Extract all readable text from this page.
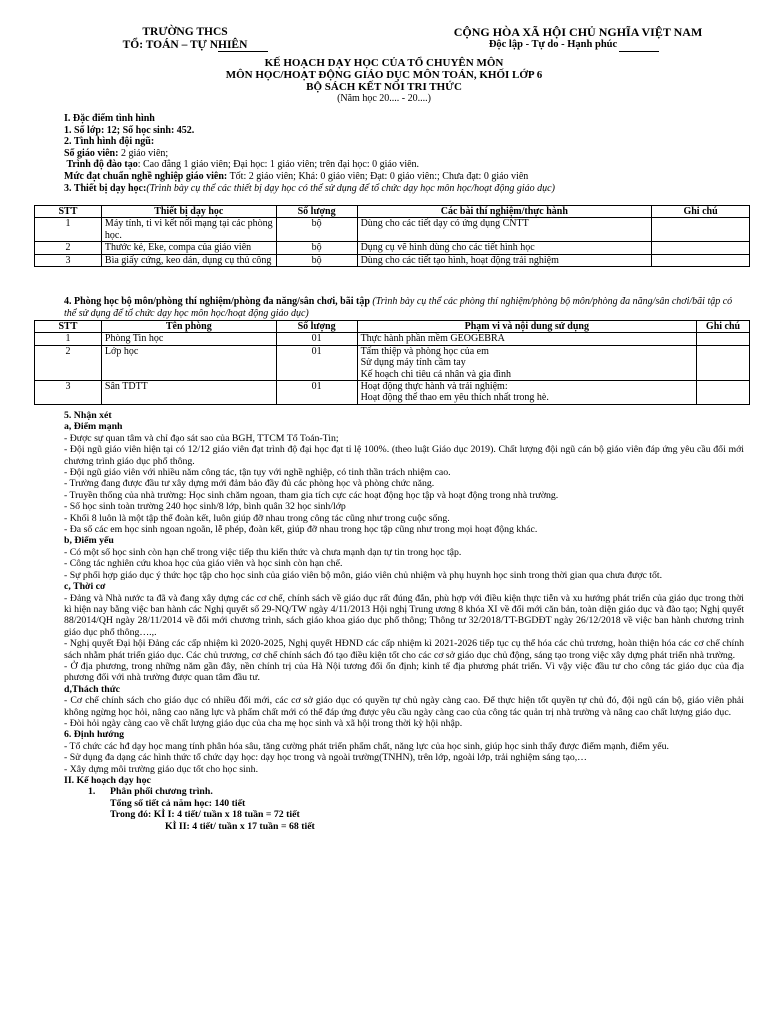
TRƯỜNG THCS
TỔ: TOÁN – TỰ NHIÊN
CỘNG HÒA XÃ HỘI CHỦ NGHĨA VIỆT NAM
Độc lập - Tự do - Hạnh phúc
KẾ HOẠCH DẠY HỌC CỦA TỔ CHUYÊN MÔN
MÔN HỌC/HOẠT ĐỘNG GIÁO DỤC MÔN TOÁN, KHỐI LỚP 6
BỘ SÁCH KẾT NỐI TRI THỨC
(Năm học 20.... - 20....)

I. Đặc điểm tình hình

1. Số lớp: 12; Số học sinh: 452.

2. Tình hình đội ngũ:

Số giáo viên: 2 giáo viên;

Trình độ đào tạo: Cao đẳng 1 giáo viên; Đại học: 1 giáo viên; trên đại học: 0 giáo viên.

Mức đạt chuẩn nghề nghiệp giáo viên: Tốt: 2 giáo viên; Khá: 0 giáo viên; Đạt: 0 giáo viên:; Chưa đạt: 0 giáo viên

3. Thiết bị dạy học:(Trình bày cụ thể các thiết bị dạy học có thể sử dụng để tổ chức dạy học môn học/hoạt động giáo dục)

STT	Thiết bị dạy học	Số lượng	Các bài thí nghiệm/thực hành	Ghi chú
1	Máy tính, ti vi kết nối mạng tại các phòng học.	bộ	Dùng cho các tiết dạy có ứng dụng CNTT	
2	Thước kẻ, Eke, compa của giáo viên	bộ	Dụng cụ vẽ hình dùng cho các tiết hình học	
3	Bìa giấy cứng, keo dán, dụng cụ thủ công	bộ	Dùng cho các tiết tạo hình, hoạt động trải nghiệm	

4. Phòng học bộ môn/phòng thí nghiệm/phòng đa năng/sân chơi, bãi tập (Trình bày cụ thể các phòng thí nghiệm/phòng bộ môn/phòng đa năng/sân chơi/bãi tập có thể sử dụng để tổ chức dạy học môn học/hoạt động giáo dục)

STT	Tên phòng	Số lượng	Phạm vi và nội dung sử dụng	Ghi chú
1	Phòng Tin học	01	Thực hành phần mềm GEOGEBRA	
2	Lớp học	01	Tấm thiệp và phòng học của em
Sử dụng máy tính cầm tay
Kế hoạch chi tiêu cá nhân và gia đình	
3	Sân TDTT	01	Hoạt động thực hành và trải nghiệm:
Hoạt động thể thao em yêu thích nhất trong hè.	

5. Nhận xét

a, Điểm mạnh

- Được sự quan tâm và chỉ đạo sát sao của BGH, TTCM Tổ Toán-Tin;

- Đội ngũ giáo viên hiện tại có 12/12 giáo viên đạt trình độ đại học đạt tỉ lệ 100%. (theo luật Giáo dục 2019). Chất lượng đội ngũ cán bộ giáo viên đáp ứng yêu cầu đổi mới chương trình giáo dục phổ thông.

- Đội ngũ giáo viên với nhiều năm công tác, tận tụy với nghề nghiệp, có tinh thần trách nhiệm cao.

- Trường đang được đầu tư xây dựng mới đảm bảo đầy đủ các phòng học và phòng chức năng.

- Truyền thống của nhà trường: Học sinh chăm ngoan, tham gia tích cực các hoạt động học tập và hoạt động trong nhà trường.

- Số học sinh toàn trường 240 học sinh/8 lớp, bình quân 32 học sinh/lớp

- Khối 8 luôn là một tập thể đoàn kết, luôn giúp đỡ nhau trong công tác cũng như trong cuộc sống.

- Đa số các em học sinh ngoan ngoãn, lễ phép, đoàn kết, giúp đỡ nhau trong học tập cũng như trong mọi hoạt động khác.

b, Điểm yếu

- Có một số học sinh còn hạn chế trong việc tiếp thu kiến thức và chưa mạnh dạn tự tin trong học tập.

- Công tác nghiên cứu khoa học của giáo viên và học sinh còn hạn chế.

- Sự phối hợp giáo dục ý thức học tập cho học sinh của giáo viên bộ môn, giáo viên chủ nhiệm và phụ huynh học sinh trong thời gian qua chưa được tốt.

c, Thời cơ

- Đảng và Nhà nước ta đã và đang xây dựng các cơ chế, chính sách về giáo dục rất đúng đắn, phù hợp với điều kiện thực tiễn và xu hướng phát triển của giáo dục trong thời kì hiện nay bằng việc ban hành các Nghị quyết số 29-NQ/TW ngày 4/11/2013 Hội nghị Trung ương 8 khóa XI về đổi mới căn bản, toàn diện giáo dục và đào tạo; Nghị quyết 88/2014/QH ngày 28/11/2014 về đổi mới chương trình, sách giáo khoa giáo dục phổ thông; Thông tư 32/2018/TT-BGDĐT ngày 26/12/2018 về việc ban hành chương trình giáo dục phổ thông….,.

- Nghị quyết Đại hội Đảng các cấp nhiệm kì 2020-2025, Nghị quyết HĐND các cấp nhiệm kì 2021-2026 tiếp tục cụ thể hóa các chủ trương, hoàn thiện hóa các cơ chế chính sách nhằm phát triển giáo dục. Các chủ trương, cơ chế chính sách đó tạo điều kiện tốt cho các cơ sở giáo dục chủ động, sáng tạo trong việc xây dựng phát triển nhà trường.

- Ở địa phương, trong những năm gần đây, nền chính trị của Hà Nội tương đối ổn định; kinh tế địa phương phát triển. Vì vậy việc đầu tư cho công tác giáo dục của địa phương đối với nhà trường được quan tâm đầu tư.

d,Thách thức

- Cơ chế chính sách cho giáo dục có nhiều đổi mới, các cơ sở giáo dục có quyền tự chủ ngày càng cao. Để thực hiện tốt quyền tự chủ đó, đội ngũ cán bộ, giáo viên phải không ngừng học hỏi, nâng cao năng lực và phẩm chất mới có thể đáp ứng được yêu cầu ngày càng cao của công tác quản trị nhà trường và nâng cao chất lượng giáo dục.

- Đòi hỏi ngày càng cao về chất lượng giáo dục của cha mẹ học sinh và xã hội trong thời kỳ hội nhập.

6. Định hướng

- Tổ chức các hđ dạy học mang tính phân hóa sâu, tăng cường phát triển phẩm chất, năng lực của học sinh, giúp học sinh thấy được điểm mạnh, điểm yếu.

- Sử dụng đa dạng các hình thức tổ chức dạy học: dạy học trong và ngoài trường(TNHN), trên lớp, ngoài lớp, trải nghiệm sáng tạo,…

- Xây dựng môi trường giáo dục tốt cho học sinh.

II. Kế hoạch dạy học

1. Phân phối chương trình.

Tổng số tiết cả năm học: 140 tiết

Trong đó: KÌ I: 4 tiết/ tuần x 18 tuần = 72 tiết

KÌ II: 4 tiết/ tuần x 17 tuần = 68 tiết
